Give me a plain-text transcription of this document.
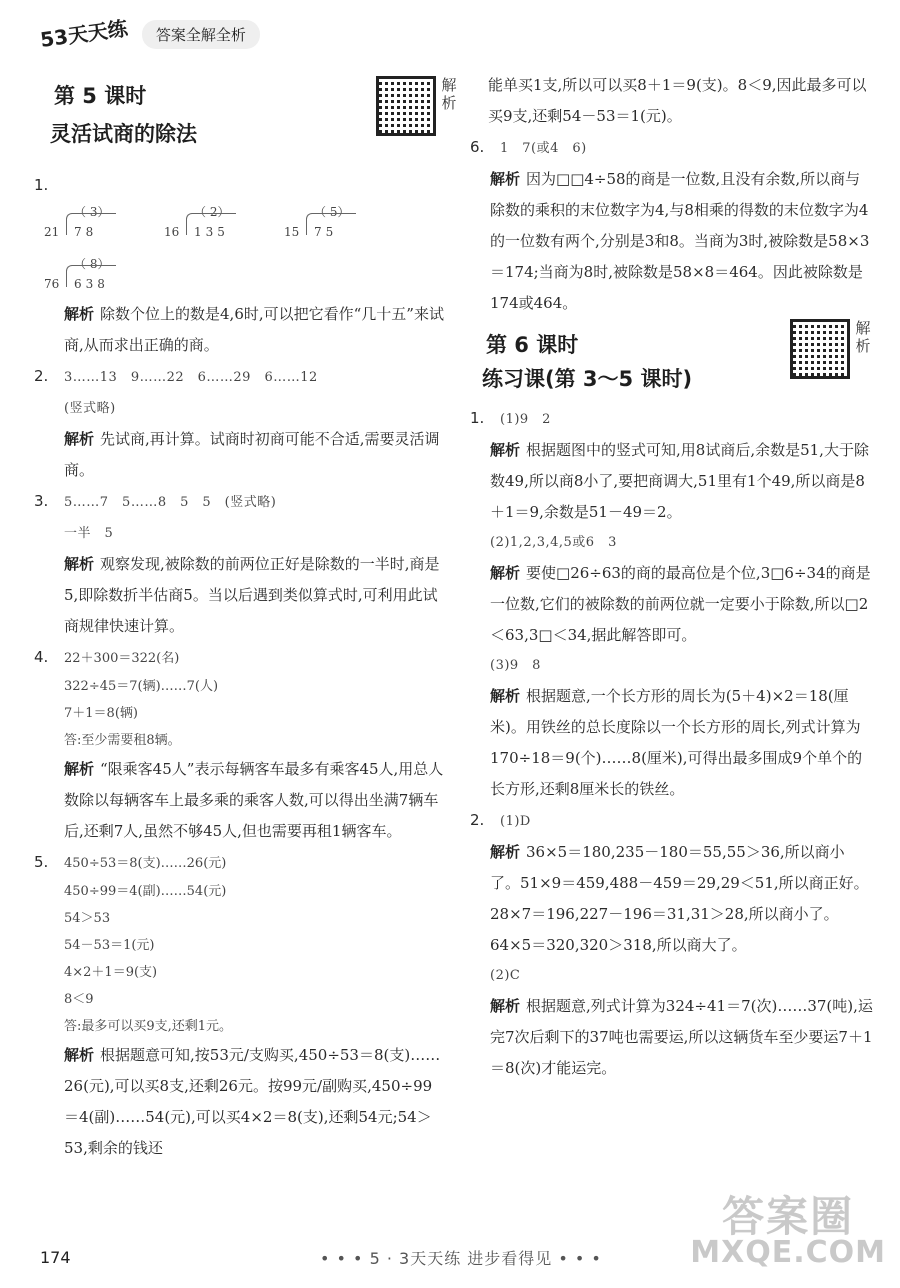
53天天练	答案全解全析
第 5 课时
灵活试商的除法
解析
1.
（ 3）
21 78
（ 2）
16 135
（ 5）
15 75
（ 8）
76 638
解析 除数个位上的数是4,6时,可以把它看作“几十五”来试商,从而求出正确的商。
2. 3……13　9……22　6……29　6……12
(竖式略)
解析 先试商,再计算。试商时初商可能不合适,需要灵活调商。
3. 5……7　5……8　5　5　(竖式略)
一半　5
解析 观察发现,被除数的前两位正好是除数的一半时,商是5,即除数折半估商5。当以后遇到类似算式时,可利用此试商规律快速计算。
4. 22＋300＝322(名)
322÷45＝7(辆)……7(人)
7＋1＝8(辆)
答:至少需要租8辆。
解析 “限乘客45人”表示每辆客车最多有乘客45人,用总人数除以每辆客车上最多乘的乘客人数,可以得出坐满7辆车后,还剩7人,虽然不够45人,但也需要再租1辆客车。
5. 450÷53＝8(支)……26(元)
450÷99＝4(副)……54(元)
54＞53
54－53＝1(元)
4×2＋1＝9(支)
8＜9
答:最多可以买9支,还剩1元。
解析 根据题意可知,按53元/支购买,450÷53＝8(支)……26(元),可以买8支,还剩26元。按99元/副购买,450÷99＝4(副)……54(元),可以买4×2＝8(支),还剩54元;54＞53,剩余的钱还
能单买1支,所以可以买8＋1＝9(支)。8＜9,因此最多可以买9支,还剩54－53＝1(元)。
6. 1　7(或4　6)
解析 因为□□4÷58的商是一位数,且没有余数,所以商与除数的乘积的末位数字为4,与8相乘的得数的末位数字为4的一位数有两个,分别是3和8。当商为3时,被除数是58×3＝174;当商为8时,被除数是58×8＝464。因此被除数是174或464。
第 6 课时
练习课(第 3～5 课时)
解析
1. (1)9　2
解析 根据题图中的竖式可知,用8试商后,余数是51,大于除数49,所以商8小了,要把商调大,51里有1个49,所以商是8＋1＝9,余数是51－49＝2。
(2)1,2,3,4,5或6　3
解析 要使□26÷63的商的最高位是个位,3□6÷34的商是一位数,它们的被除数的前两位就一定要小于除数,所以□2＜63,3□＜34,据此解答即可。
(3)9　8
解析 根据题意,一个长方形的周长为(5＋4)×2＝18(厘米)。用铁丝的总长度除以一个长方形的周长,列式计算为170÷18＝9(个)……8(厘米),可得出最多围成9个单个的长方形,还剩8厘米长的铁丝。
2. (1)D
解析 36×5＝180,235－180＝55,55＞36,所以商小了。51×9＝459,488－459＝29,29＜51,所以商正好。28×7＝196,227－196＝31,31＞28,所以商小了。64×5＝320,320＞318,所以商大了。
(2)C
解析 根据题意,列式计算为324÷41＝7(次)……37(吨),运完7次后剩下的37吨也需要运,所以这辆货车至少要运7＋1＝8(次)才能运完。
174	• • • 5 · 3天天练 进步看得见 • • •
答案圈
MXQE.COM
